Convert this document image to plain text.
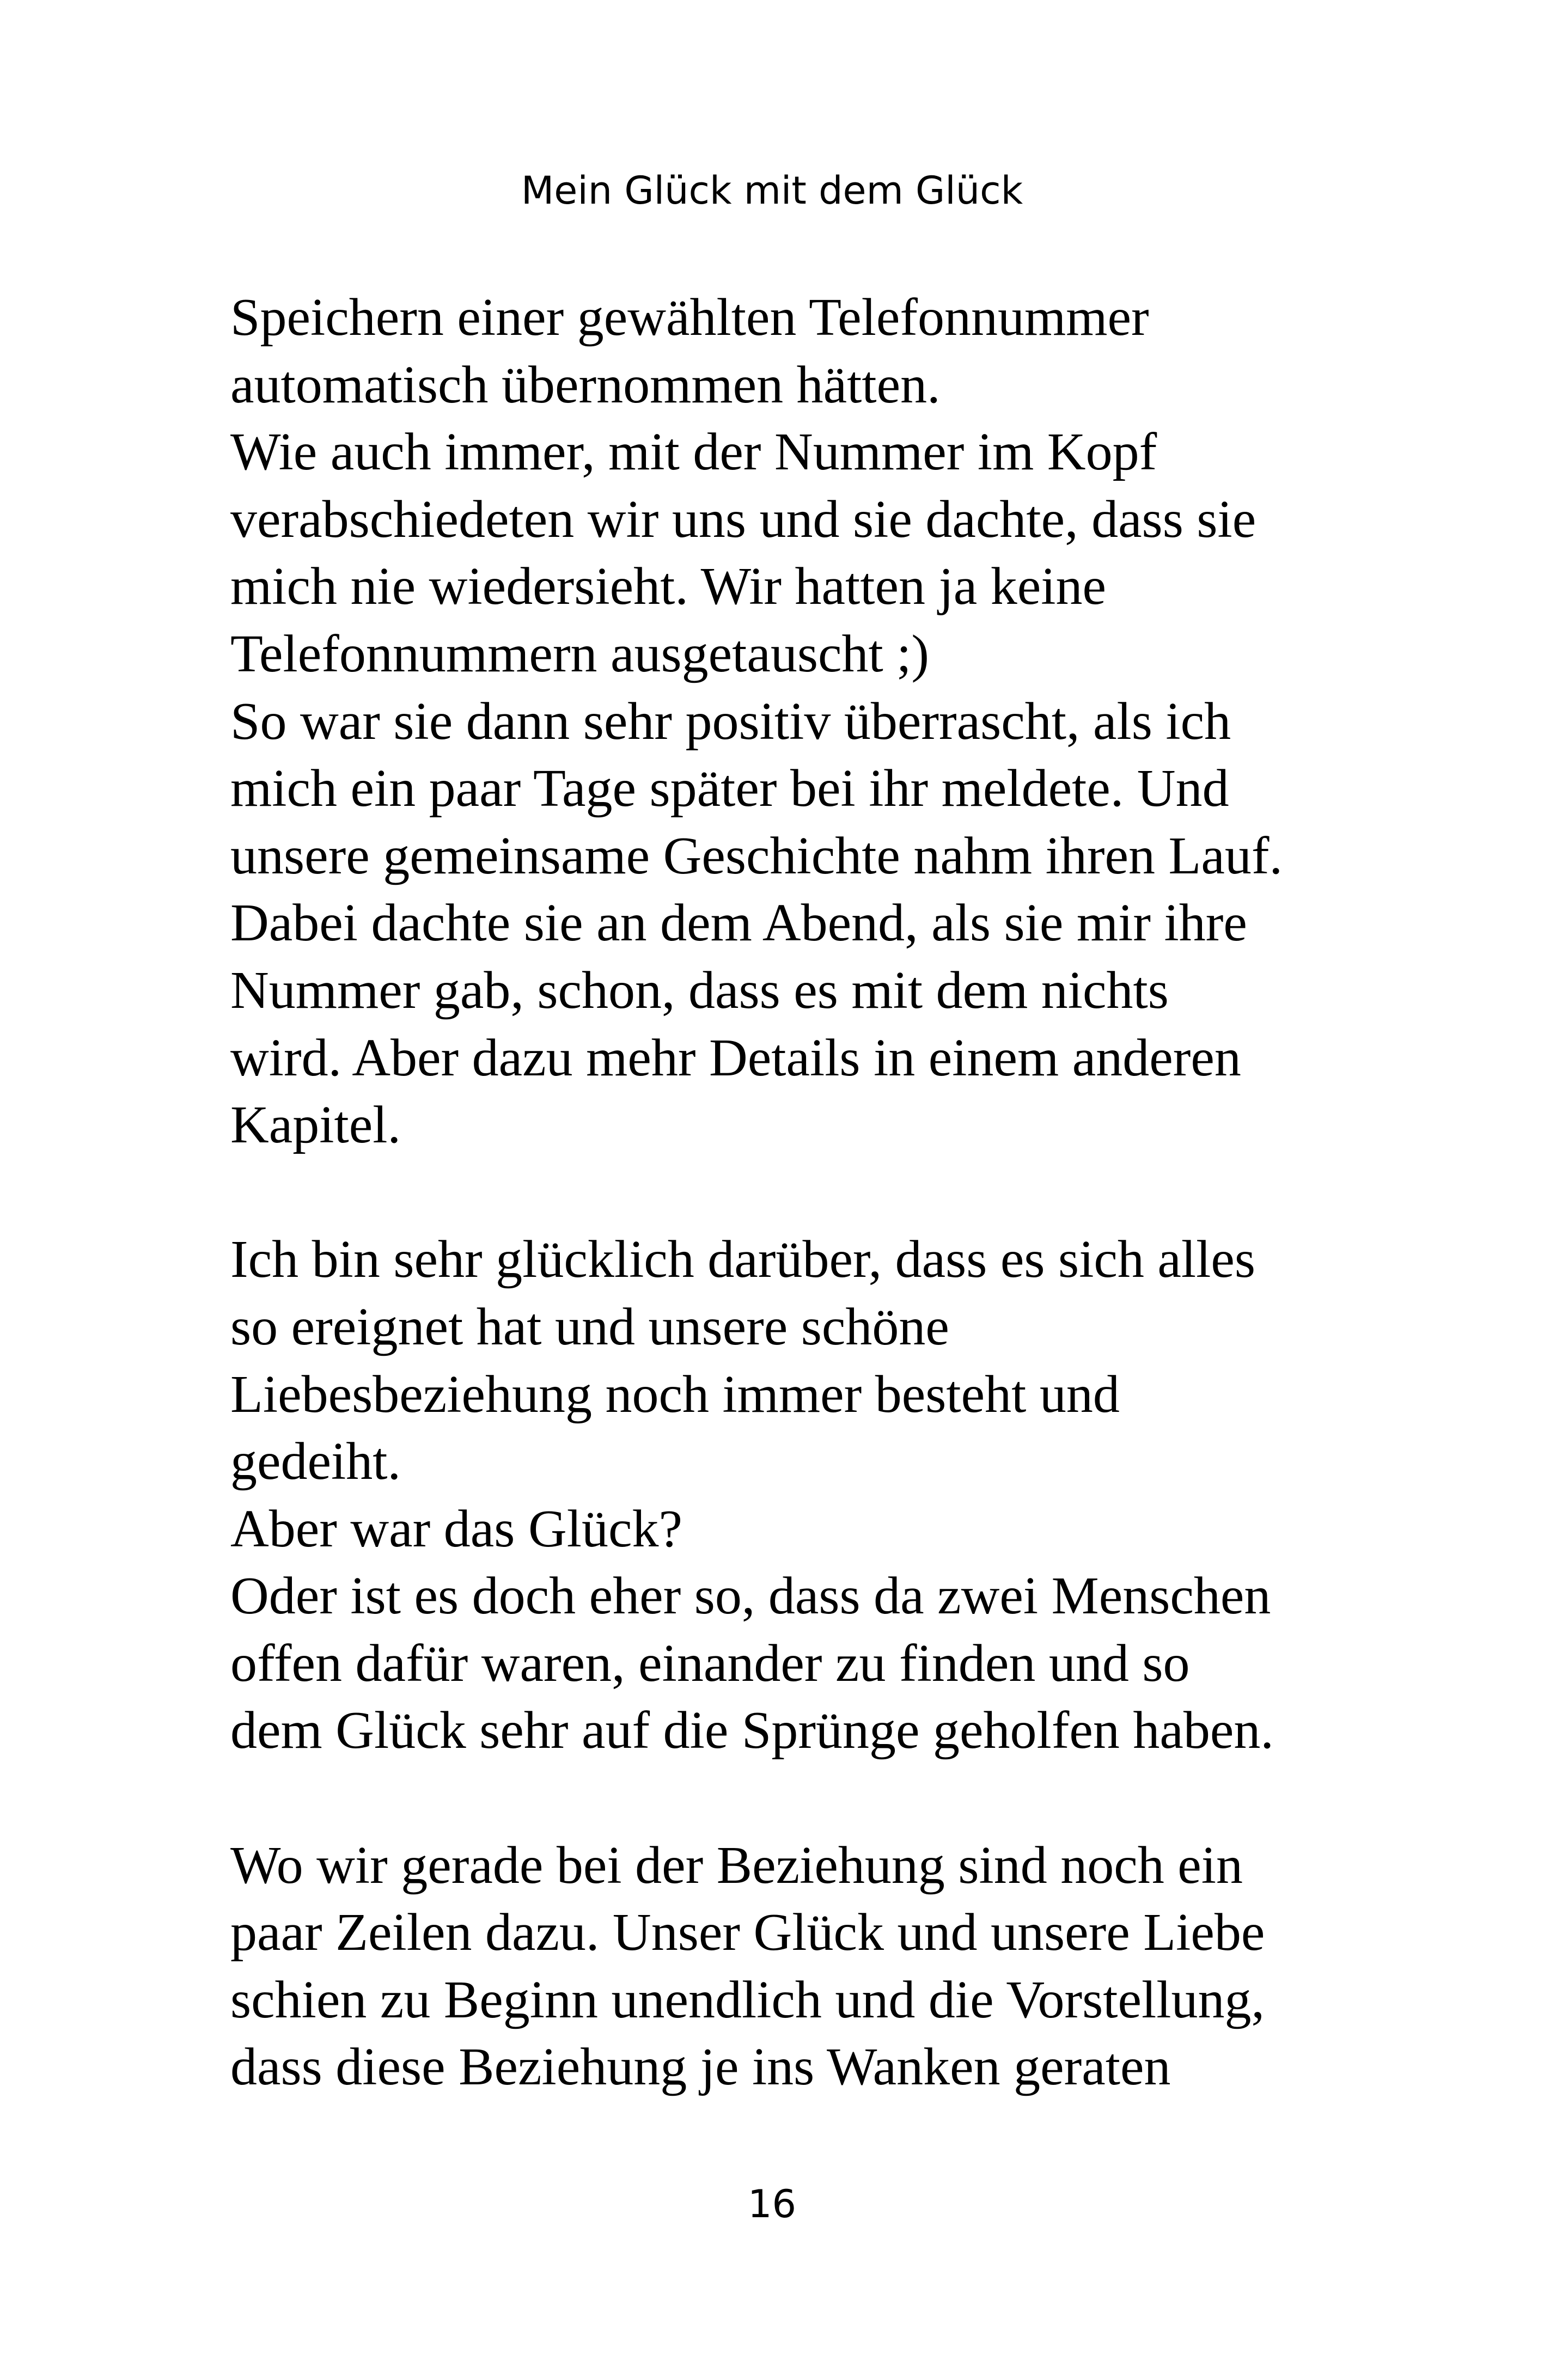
Mein Glück mit dem Glück
Speichern einer gewählten Telefonnummer
automatisch übernommen hätten.
Wie auch immer, mit der Nummer im Kopf
verabschiedeten wir uns und sie dachte, dass sie
mich nie wiedersieht. Wir hatten ja keine
Telefonnummern ausgetauscht ;)
So war sie dann sehr positiv überrascht, als ich
mich ein paar Tage später bei ihr meldete. Und
unsere gemeinsame Geschichte nahm ihren Lauf.
Dabei dachte sie an dem Abend, als sie mir ihre
Nummer gab, schon, dass es mit dem nichts
wird. Aber dazu mehr Details in einem anderen
Kapitel.
Ich bin sehr glücklich darüber, dass es sich alles
so ereignet hat und unsere schöne
Liebesbeziehung noch immer besteht und
gedeiht.
Aber war das Glück?
Oder ist es doch eher so, dass da zwei Menschen
offen dafür waren, einander zu finden und so
dem Glück sehr auf die Sprünge geholfen haben.
Wo wir gerade bei der Beziehung sind noch ein
paar Zeilen dazu. Unser Glück und unsere Liebe
schien zu Beginn unendlich und die Vorstellung,
dass diese Beziehung je ins Wanken geraten
16
